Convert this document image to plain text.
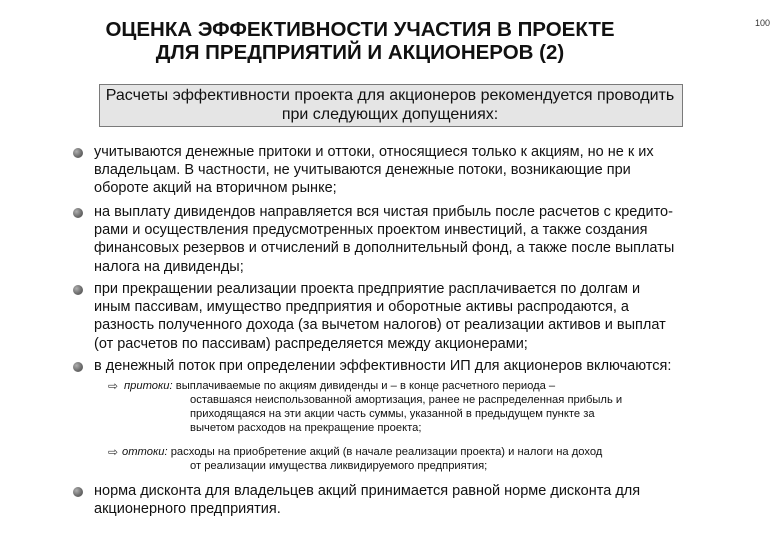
100
ОЦЕНКА ЭФФЕКТИВНОСТИ УЧАСТИЯ В ПРОЕКТЕ
ДЛЯ ПРЕДПРИЯТИЙ И АКЦИОНЕРОВ (2)
Расчеты эффективности проекта для акционеров рекомендуется проводить
при следующих допущениях:
учитываются денежные притоки и оттоки, относящиеся только к акциям, но не к их
владельцам. В частности, не учитываются денежные потоки, возникающие при
обороте акций на вторичном рынке;
на выплату дивидендов направляется вся чистая прибыль после расчетов с кредито-
рами и осуществления предусмотренных проектом инвестиций, а также создания
финансовых резервов и отчислений в дополнительный фонд, а также после выплаты
налога на дивиденды;
при прекращении реализации проекта предприятие расплачивается по долгам и
иным пассивам, имущество предприятия и оборотные активы распродаются, а
разность полученного дохода (за вычетом налогов) от реализации активов и выплат
(от расчетов по пассивам) распределяется между акционерами;
в денежный поток при определении эффективности ИП для акционеров включаются:
⇨ притоки: выплачиваемые по акциям дивиденды и – в конце расчетного периода –
оставшаяся неиспользованной амортизация, ранее не распределенная прибыль и
приходящаяся на эти акции часть суммы, указанной в предыдущем пункте за
вычетом расходов на прекращение проекта;
⇨ оттоки: расходы на приобретение акций (в начале реализации проекта) и налоги на доход
от реализации имущества ликвидируемого предприятия;
норма дисконта для владельцев акций принимается равной норме дисконта для
акционерного предприятия.
